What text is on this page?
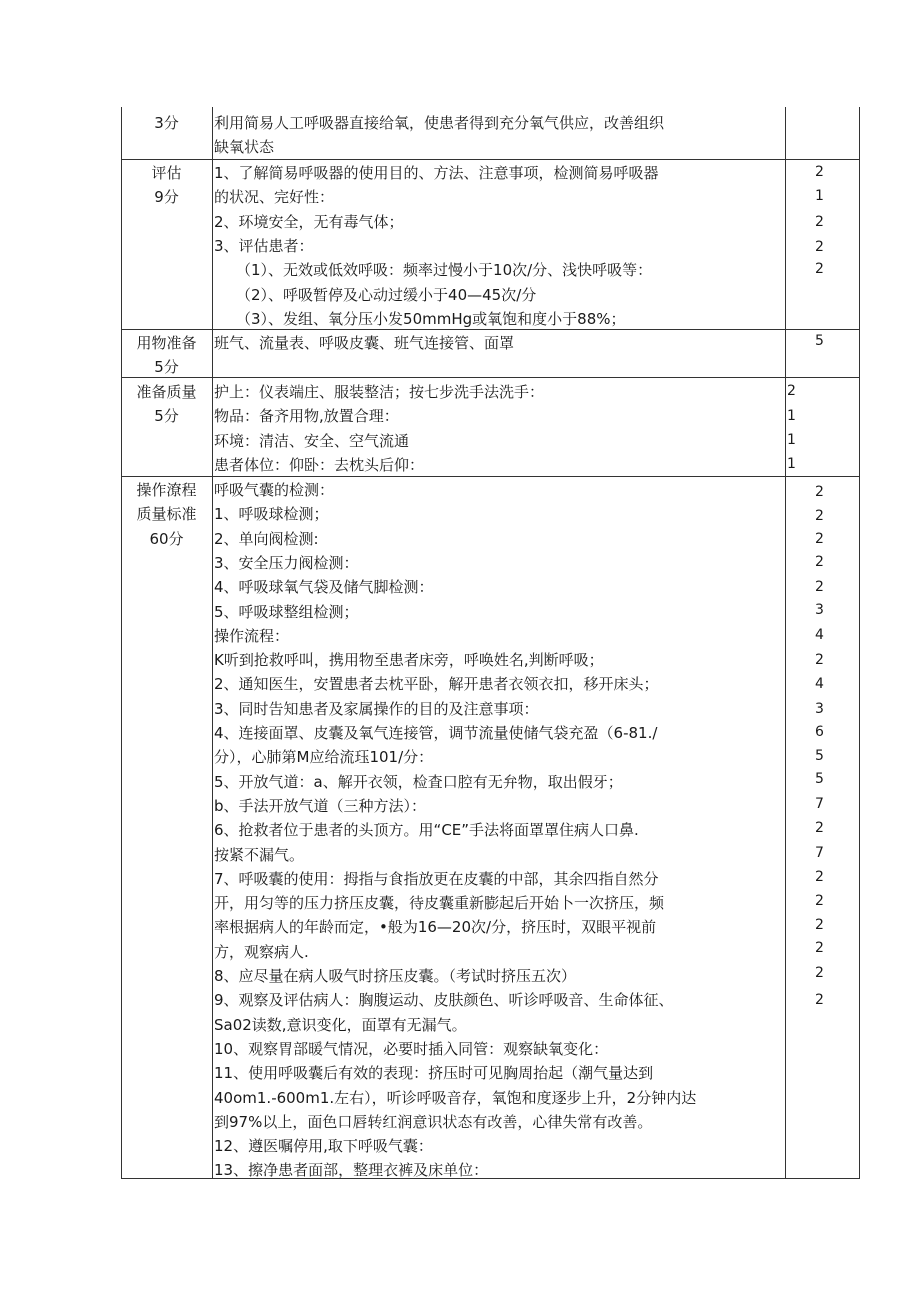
3分	利用简易人工呼吸器直接给氧，使患者得到充分氧气供应，改善组织
缺氧状态
评估
9分
1、了解简易呼吸器的使用目的、方法、注意事项，检测简易呼吸器
的状况、完好性：
2、环境安全，无有毒气体；
3、评估患者：
（1）、无效或低效呼吸：频率过慢小于10次/分、浅快呼吸等：
（2）、呼吸暂停及心动过缓小于40—45次/分
（3）、发组、氧分压小发50mmHg或氧饱和度小于88%；
2
1
2
2
2
用物准备
5分
班气、流量表、呼吸皮囊、班气连接管、面罩	5
准备质量
5分
护上：仪表端庄、服装整洁；按七步洗手法洗手：
物品：备齐用物,放置合理：
环境：清洁、安全、空气流通
患者体位：仰卧：去枕头后仰：
2
1
1
1
操作潦程
质量标准
60分
呼吸气囊的检测：
1、呼吸球检测；
2、单向阀检测:
3、安全压力阀检测：
4、呼吸球氧气袋及储气脚检测：
5、呼吸球整组检测；
操作流程：
K听到抢救呼叫，携用物至患者床旁，呼唤姓名,判断呼吸；
2、通知医生，安置患者去枕平卧，解开患者衣领衣扣，移开床头；
3、同时告知患者及家属操作的目的及注意事项：
4、连接面罩、皮囊及氧气连接管，调节流量使储气袋充盈（6-81./
分），心肺第M应给流珏101/分：
5、开放气道：a、解开衣领，检査口腔有无弁物，取出假牙；
b、手法开放气道（三种方法）：
6、抢救者位于患者的头顶方。用“CE”手法将面罩罩住病人口鼻.
按紧不漏气。
7、呼吸囊的使用：拇指与食指放更在皮囊的中部，其余四指自然分
开，用匀等的压力挤压皮囊，待皮囊重新膨起后开始卜一次挤压，频
率根据病人的年龄而定，•般为16—20次/分，挤压时，双眼平视前
方，观察病人.
8、应尽量在病人吸气时挤压皮囊。（考试时挤压五次）
9、观察及评估病人：胸腹运动、皮肤颜色、听诊呼吸音、生命体征、
Sa02读数,意识变化，面罩有无漏气。
10、观察胃部暖气情况，必要时插入同管：观察缺氧变化：
11、使用呼吸囊后有效的表现：挤压时可见胸周抬起（潮气量达到
40om1.-600m1.左右），听诊呼吸音存，氧饱和度逐步上升，2分钟内达
到97%以上，面色口唇转红润意识状态有改善，心律失常有改善。
12、遵医嘱停用,取下呼吸气囊：
13、擦净患者面部，整理衣裤及床单位：
2
2
2
2
2
3
4
2
4
3
6
5
5
7
2
7
2
2
2
2
2
2
